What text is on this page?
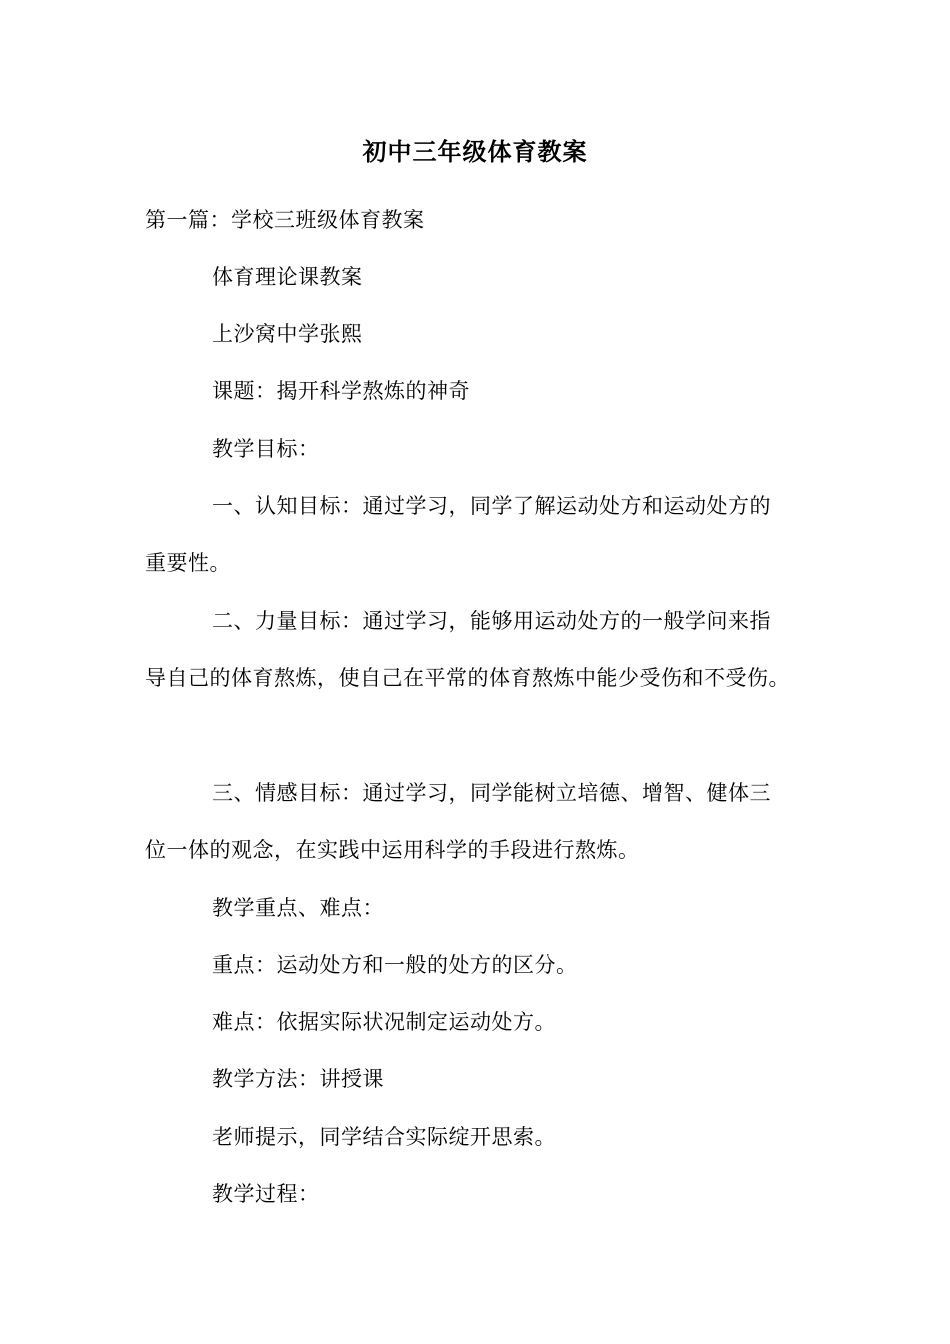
初中三年级体育教案
第一篇：学校三班级体育教案
体育理论课教案
上沙窝中学张熙
课题：揭开科学熬炼的神奇
教学目标：
一、认知目标：通过学习，同学了解运动处方和运动处方的
重要性。
二、力量目标：通过学习，能够用运动处方的一般学问来指
导自己的体育熬炼，使自己在平常的体育熬炼中能少受伤和不受伤。
三、情感目标：通过学习，同学能树立培德、增智、健体三
位一体的观念，在实践中运用科学的手段进行熬炼。
教学重点、难点：
重点：运动处方和一般的处方的区分。
难点：依据实际状况制定运动处方。
教学方法：讲授课
老师提示，同学结合实际绽开思索。
教学过程：
